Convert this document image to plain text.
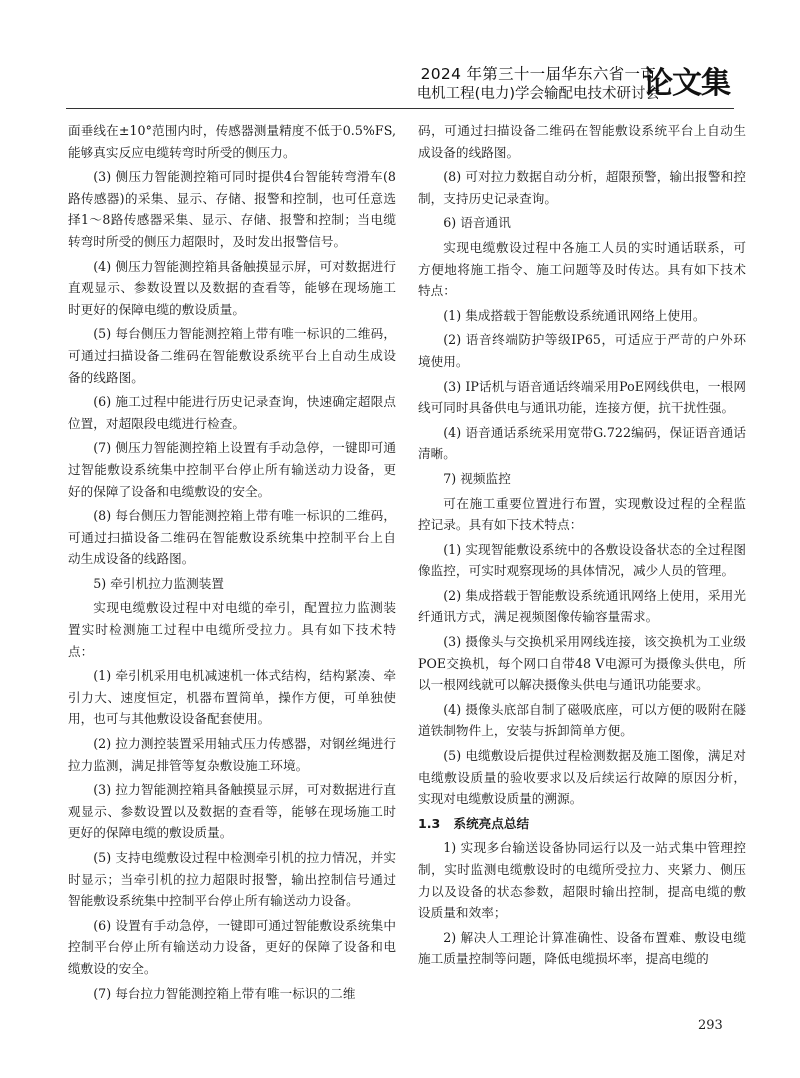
2024 年第三十一届华东六省一市
电机工程(电力)学会输配电技术研讨会
论文集

面垂线在±10°范围内时，传感器测量精度不低于0.5%FS,能够真实反应电缆转弯时所受的侧压力。

(3) 侧压力智能测控箱可同时提供4台智能转弯滑车(8路传感器)的采集、显示、存储、报警和控制，也可任意选择1～8路传感器采集、显示、存储、报警和控制；当电缆转弯时所受的侧压力超限时，及时发出报警信号。

(4) 侧压力智能测控箱具备触摸显示屏，可对数据进行直观显示、参数设置以及数据的查看等，能够在现场施工时更好的保障电缆的敷设质量。

(5) 每台侧压力智能测控箱上带有唯一标识的二维码，可通过扫描设备二维码在智能敷设系统平台上自动生成设备的线路图。

(6) 施工过程中能进行历史记录查询，快速确定超限点位置，对超限段电缆进行检查。

(7) 侧压力智能测控箱上设置有手动急停，一键即可通过智能敷设系统集中控制平台停止所有输送动力设备，更好的保障了设备和电缆敷设的安全。

(8) 每台侧压力智能测控箱上带有唯一标识的二维码，可通过扫描设备二维码在智能敷设系统集中控制平台上自动生成设备的线路图。

5) 牵引机拉力监测装置

实现电缆敷设过程中对电缆的牵引，配置拉力监测装置实时检测施工过程中电缆所受拉力。具有如下技术特点：

(1) 牵引机采用电机减速机一体式结构，结构紧凑、牵引力大、速度恒定，机器布置简单，操作方便，可单独使用，也可与其他敷设设备配套使用。

(2) 拉力测控装置采用轴式压力传感器，对钢丝绳进行拉力监测，满足排管等复杂敷设施工环境。

(3) 拉力智能测控箱具备触摸显示屏，可对数据进行直观显示、参数设置以及数据的查看等，能够在现场施工时更好的保障电缆的敷设质量。

(5) 支持电缆敷设过程中检测牵引机的拉力情况，并实时显示；当牵引机的拉力超限时报警，输出控制信号通过智能敷设系统集中控制平台停止所有输送动力设备。

(6) 设置有手动急停，一键即可通过智能敷设系统集中控制平台停止所有输送动力设备，更好的保障了设备和电缆敷设的安全。

(7) 每台拉力智能测控箱上带有唯一标识的二维

码，可通过扫描设备二维码在智能敷设系统平台上自动生成设备的线路图。

(8) 可对拉力数据自动分析，超限预警，输出报警和控制，支持历史记录查询。

6) 语音通讯

实现电缆敷设过程中各施工人员的实时通话联系，可方便地将施工指令、施工问题等及时传达。具有如下技术特点：

(1) 集成搭载于智能敷设系统通讯网络上使用。

(2) 语音终端防护等级IP65，可适应于严苛的户外环境使用。

(3) IP话机与语音通话终端采用PoE网线供电，一根网线可同时具备供电与通讯功能，连接方便，抗干扰性强。

(4) 语音通话系统采用宽带G.722编码，保证语音通话清晰。

7) 视频监控

可在施工重要位置进行布置，实现敷设过程的全程监控记录。具有如下技术特点：

(1) 实现智能敷设系统中的各敷设设备状态的全过程图像监控，可实时观察现场的具体情况，减少人员的管理。

(2) 集成搭载于智能敷设系统通讯网络上使用，采用光纤通讯方式，满足视频图像传输容量需求。

(3) 摄像头与交换机采用网线连接，该交换机为工业级POE交换机，每个网口自带48 V电源可为摄像头供电，所以一根网线就可以解决摄像头供电与通讯功能要求。

(4) 摄像头底部自制了磁吸底座，可以方便的吸附在隧道铁制物件上，安装与拆卸简单方便。

(5) 电缆敷设后提供过程检测数据及施工图像，满足对电缆敷设质量的验收要求以及后续运行故障的原因分析，实现对电缆敷设质量的溯源。

1.3 系统亮点总结

1) 实现多台输送设备协同运行以及一站式集中管理控制，实时监测电缆敷设时的电缆所受拉力、夹紧力、侧压力以及设备的状态参数，超限时输出控制，提高电缆的敷设质量和效率；

2) 解决人工理论计算准确性、设备布置难、敷设电缆施工质量控制等问题，降低电缆损坏率，提高电缆的

293
